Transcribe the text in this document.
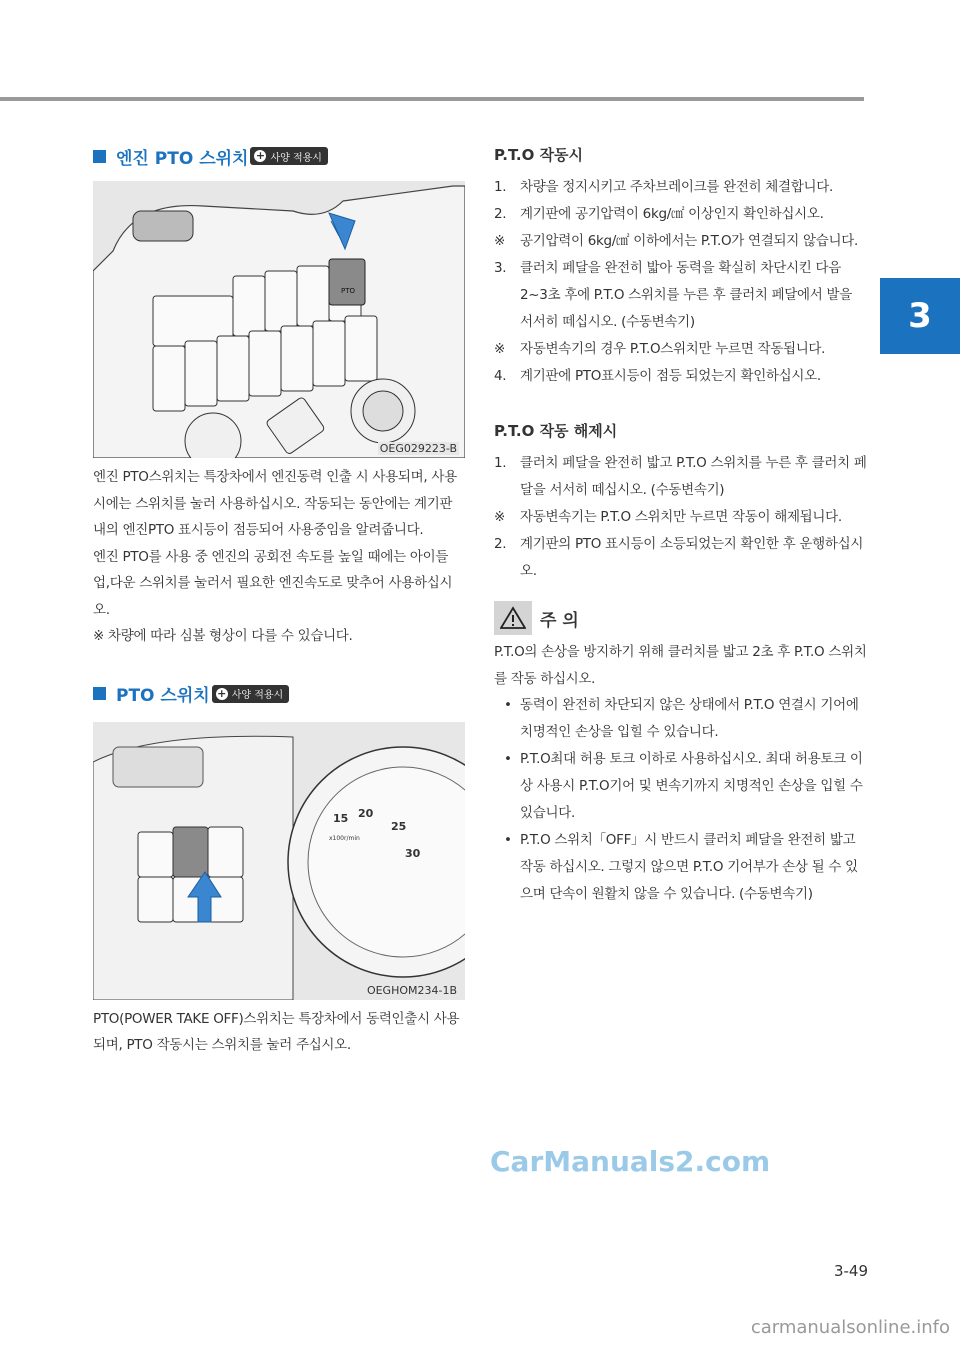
3
엔진 PTO 스위치 + 사양 적용시
PTO
OEG029223-B

엔진 PTO스위치는 특장차에서 엔진동력 인출 시 사용되며, 사용시에는 스위치를 눌러 사용하십시오. 작동되는 동안에는 계기판 내의 엔진PTO 표시등이 점등되어 사용중임을 알려줍니다.

엔진 PTO를 사용 중 엔진의 공회전 속도를 높일 때에는 아이들 업,다운 스위치를 눌러서 필요한 엔진속도로 맞추어 사용하십시오.

※ 차량에 따라 심볼 형상이 다를 수 있습니다.

PTO 스위치 + 사양 적용시
15 20
25
30
x100r/min
OEGHOM234-1B

PTO(POWER TAKE OFF)스위치는 특장차에서 동력인출시 사용되며, PTO 작동시는 스위치를 눌러 주십시오.

P.T.O 작동시
1.	차량을 정지시키고 주차브레이크를 완전히 체결합니다.
2.	계기판에 공기압력이 6kg/㎠ 이상인지 확인하십시오.
※	공기압력이 6kg/㎠ 이하에서는 P.T.O가 연결되지 않습니다.
3.	클러치 페달을 완전히 밟아 동력을 확실히 차단시킨 다음 2~3초 후에 P.T.O 스위치를 누른 후 클러치 페달에서 발을 서서히 떼십시오. (수동변속기)
※	자동변속기의 경우 P.T.O스위치만 누르면 작동됩니다.
4.	계기판에 PTO표시등이 점등 되었는지 확인하십시오.
P.T.O 작동 해제시
1.	클러치 페달을 완전히 밟고 P.T.O 스위치를 누른 후 클러치 페달을 서서히 떼십시오. (수동변속기)
※	자동변속기는 P.T.O 스위치만 누르면 작동이 해제됩니다.
2.	계기판의 PTO 표시등이 소등되었는지 확인한 후 운행하십시오.
주 의

P.T.O의 손상을 방지하기 위해 클러치를 밟고 2초 후 P.T.O 스위치를 작동 하십시오.

• 동력이 완전히 차단되지 않은 상태에서 P.T.O 연결시 기어에 치명적인 손상을 입힐 수 있습니다.
• P.T.O최대 허용 토크 이하로 사용하십시오. 최대 허용토크 이상 사용시 P.T.O기어 및 변속기까지 치명적인 손상을 입힐 수 있습니다.
• P.T.O 스위치「OFF」시 반드시 클러치 페달을 완전히 밟고 작동 하십시오. 그렇지 않으면 P.T.O 기어부가 손상 될 수 있으며 단속이 원활치 않을 수 있습니다. (수동변속기)
3-49
CarManuals2.com
carmanualsonline.info
